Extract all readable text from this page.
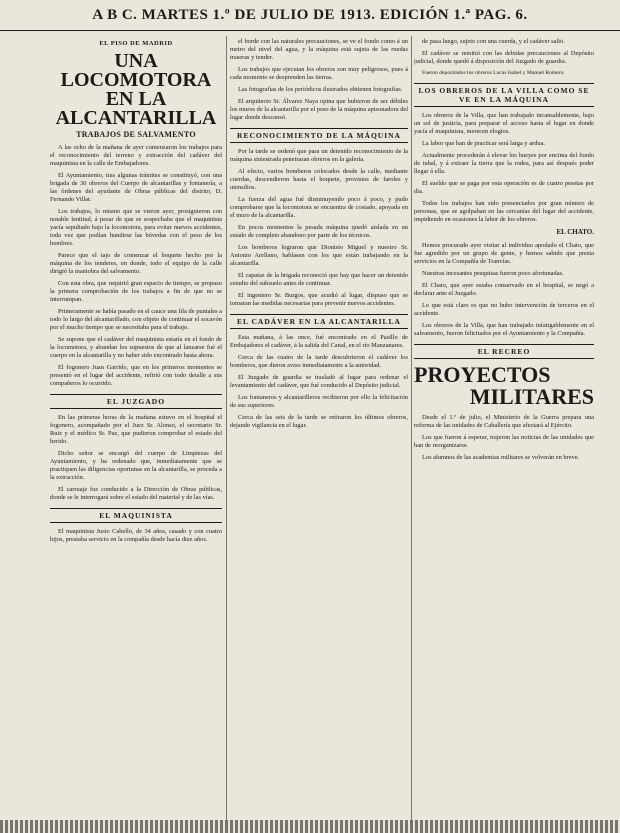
A B C. MARTES 1.º DE JULIO DE 1913. EDICIÓN 1.ª PAG. 6.
EL PISO DE MADRID
UNA LOCOMOTORA EN LA ALCANTARILLA
TRABAJOS DE SALVAMENTO

A las ocho de la mañana de ayer comenzaron los trabajos para el reconocimiento del terreno y extracción del cadáver del maquinista en la calle de Embajadores.

El Ayuntamiento, tras algunas trámites se constituyó, con una brigada de 30 obreros del Cuerpo de alcantarillas y fontanería, a las órdenes del ayudante de Obras públicas del distrito, D. Fernando Villar.

Los trabajos, lo mismo que se vieron ayer, prosiguieron con notable lentitud, á pesar de que se sospechaba que el maquinista yacía sepultado bajo la locomotora, para evitar nuevos accidentes, toda vez que podían hundirse las bóvedas con el peso de los hombres.

Parece que el tajo de comenzar el boquete hecho por la máquina de los tenderes, en donde, todo el equipo de la calle dirigió la maniobra del salvamento.

Con esta obra, que requirió gran espacio de tiempo, se propuso la primera comprobación de los trabajos a fin de que no se interrumpan.

Primeramente se había pasado en el cauce una fila de puntales a todo lo largo del alcantarillado, con objeto de continuar el socavón por el mucho tiempo que se necesitaba para el trabajo.

Se supone que el cadáver del maquinista estaría en el fondo de la locomotora, y abundan los supuestos de que al lanzarse fué el cuerpo en la alcantarilla y no haber sido encontrado hasta ahora.

El fogonero Juan Garrido, que en los primeros momentos se presentó en el lugar del accidente, refirió con todo detalle a sus compañeros lo ocurrido.

EL JUZGADO

En las primeras horas de la mañana estuvo en el hospital el fogonero, acompañado por el Juez Sr. Alonso, el secretario Sr. Ruiz y el médico Sr. Paz, que pudieron comprobar el estado del herido.

Dicho señor se encargó del cuerpo de Limpiezas del Ayuntamiento, y ha ordenado que, inmediatamente que se practiquen las diligencias oportunas en la alcantarilla, se proceda a la extracción.

El carruaje fue conducido a la Dirección de Obras públicas, donde se le interrogará sobre el estado del material y de las vías.

EL MAQUINISTA

El maquinista Justo Cabello, de 34 años, casado y con cuatro hijos, prestaba servicio en la compañía desde hacía diez años.

el borde con las naturales precauciones, se ve el fondo como á un metro del nivel del agua, y la máquina está sujeta de las ruedas traseras y tender.

Los trabajos que ejecutan los obreros son muy peligrosos, pues á cada momento se desprenden las tierras.

Las fotografías de los periódicos ilustrados obtienen fotografías.

El arquitecto Sr. Álvarez Naya opina que hubieron de ser débiles los muros de la alcantarilla por el peso de la máquina apisonadora del lugar donde descansó.

RECONOCIMIENTO DE LA MÁQUINA

Por la tarde se ordenó que para un detenido reconocimiento de la máquina siniestrada penetraran obreros en la galería.

Al efecto, varios bomberos colocados desde la calle, mediante cuerdas, descendieron hasta el boquete, provistos de faroles y utensilios.

La fuerza del agua fué disminuyendo poco á poco, y pudo comprobarse que la locomotora se encuentra de costado, apoyada en el muro de la alcantarilla.

En pocos momentos la pesada máquina quedó aislada en un estado de completo abandono por parte de los técnicos.

Los bomberos lograron que Dionisio Miguel y nuestro Sr. Antonio Arellano, hablasen con los que están trabajando en la alcantarilla.

El capataz de la brigada reconoció que hay que hacer un detenido estudio del subsuelo antes de continuar.

El ingeniero Sr. Burgos, que acudió al lugar, dispuso que se tomaran las medidas necesarias para prevenir nuevos accidentes.

EL CADÁVER EN LA ALCANTARILLA

Esta mañana, á las once, fué encontrado en el Pasillo de Embajadores el cadáver, á la salida del Canal, en el río Manzanares.

Cerca de las cuatro de la tarde descubrieron el cadáver los bomberos, que dieron aviso inmediatamente a la autoridad.

El Juzgado de guardia se trasladó al lugar para ordenar el levantamiento del cadáver, que fué conducido al Depósito judicial.

Los fontaneros y alcantarilleros recibieron por ello la felicitación de sus superiores.

Cerca de las seis de la tarde se retiraron los últimos obreros, dejando vigilancia en el lugar.

de pasa luego, sujeto con una cuerda, y el cadáver salió.

El cadáver se remitió con las debidas precauciones al Depósito judicial, donde quedó á disposición del Juzgado de guardia.

Fueron depositados los obreros Lucas Isabel y Manuel Romero.

LOS OBREROS DE LA VILLA COMO SE VE EN LA MÁQUINA

Los obreros de la Villa, que han trabajado incansablemente, bajo un sol de justicia, para preparar el acceso hasta el lugar en donde yacía el maquinista, merecen elogios.

La labor que han de practicar será larga y ardua.

Actualmente procederán á elevar los bueyes por encima del fondo de tubal, y á extraer la tierra que la rodea, para así después poder llegar á ella.

El sueldo que se paga por esta operación es de cuatro pesetas por día.

Todos los trabajos han sido presenciados por gran número de personas, que se agolpaban en las cercanías del lugar del accidente, impidiendo en ocasiones la labor de los obreros.

EL CHATO.

Hemos procurado ayer visitar al individuo apodado el Chato, que fue agredido por un grupo de gente, y hemos sabido que presta servicios en la Compañía de Tranvías.

Nuestras incesantes pesquisas fueron poco afortunadas.

El Chato, que ayer estaba conservado en el hospital, se negó a declarar ante el Juzgado.

Lo que está claro es que no hubo intervención de terceros en el accidente.

Los obreros de la Villa, que han trabajado infatigablemente en el salvamento, fueron felicitados por el Ayuntamiento y la Compañía.

EL RECREO
PROYECTOS
MILITARES

Desde el 1.º de julio, el Ministerio de la Guerra prepara una reforma de las unidades de Caballería que afectará al Ejército.

Los que fueron á esperar, trajeron las noticias de las unidades que han de reorganizarse.

Los alumnos de las academias militares se volverán en breve.
